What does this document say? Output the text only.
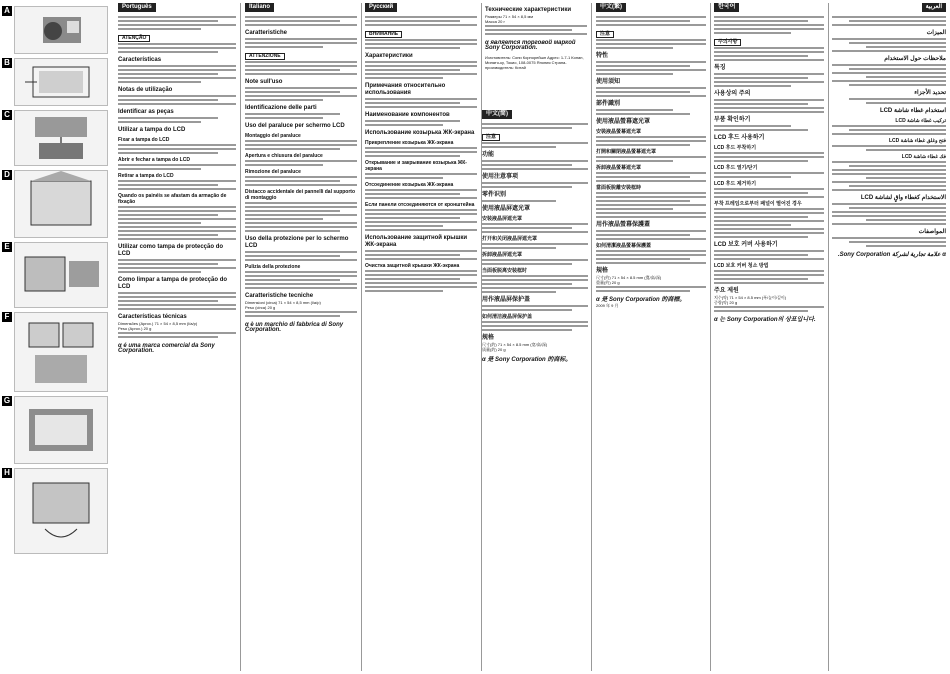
A
B
C
D
E
F
G
H
Português
ATENÇÃO
Características
Notas de utilização
Identificar as peças
Utilizar a tampa do LCD
Fixar a tampa do LCD
Abrir e fechar a tampa do LCD
Retirar a tampa do LCD
Quando os painéis se afastam da armação de fixação
Utilizar como tampa de protecção do LCD
Como limpar a tampa de protecção do LCD
Características técnicas
Dimensões (Aprox.) 71 × 54 × 8,5 mm (l/a/p)
Peso (Aprox.) 20 g
α é uma marca comercial da Sony Corporation.
Italiano
Caratteristiche
ATTENZIONE
Note sull'uso
Identificazione delle parti
Uso del paraluce per schermo LCD
Montaggio del paraluce
Apertura e chiusura del paraluce
Rimozione del paraluce
Distacco accidentale dei pannelli dal supporto di montaggio
Uso della protezione per lo schermo LCD
Pulizia della protezione
Caratteristiche tecniche
Dimensioni (circa) 71 × 54 × 8,5 mm (l/a/p)
Peso (circa) 20 g
α è un marchio di fabbrica di Sony Corporation.
Русский
ВНИМАНИЕ
Характеристики
Примечания относительно использования
Наименование компонентов
Использование козырька ЖК-экрана
Прикрепление козырька ЖК-экрана
Открывание и закрывание козырька ЖК-экрана
Отсоединение козырька ЖК-экрана
Если панели отсоединяются от кронштейна
Использование защитной крышки ЖК-экрана
Очистка защитной крышки ЖК-экрана
Технические характеристики
Размеры 71 × 54 × 8,5 мм
Масса 20 г
α является торговой маркой Sony Corporation.
Изготовитель: Сони Корпорейшн Адрес: 1-7-1 Конан, Минато-ку, Токио, 108-0075 Япония Страна-производитель: Китай
中文(简)
注意
功能
使用注意事项
零件识别
使用液晶屏遮光罩
安装液晶屏遮光罩
打开和关闭液晶屏遮光罩
拆卸液晶屏遮光罩
当面板脱离安装框时
用作液晶屏保护盖
如何清洁液晶屏保护盖
规格
尺寸(约) 71 × 54 × 8.5 mm (宽/高/深)
质量(约) 20 g
α 是 Sony Corporation 的商标。
中文(繁)
注意
特性
使用須知
部件識別
使用液晶螢幕遮光罩
安裝液晶螢幕遮光罩
打開和關閉液晶螢幕遮光罩
拆卸液晶螢幕遮光罩
當面板脫離安裝框時
用作液晶螢幕保護蓋
如何清潔液晶螢幕保護蓋
規格
尺寸(約) 71 × 54 × 8.5 mm (寬/高/深)
重量(約) 20 g
α 是 Sony Corporation 的商標。
2009 年 9 月
한국어
주의사항
특징
사용상의 주의
부품 확인하기
LCD 후드 사용하기
LCD 후드 부착하기
LCD 후드 열기/닫기
LCD 후드 제거하기
부착 프레임으로부터 패널이 떨어진 경우
LCD 보호 커버 사용하기
LCD 보호 커버 청소 방법
주요 제원
치수(약) 71 × 54 × 8.5 mm (폭/높이/깊이)
중량(약) 20 g
α 는 Sony Corporation의 상표입니다.
العربية
الميزات
ملاحظات حول الاستخدام
تحديد الأجزاء
استخدام غطاء شاشة LCD
تركيب غطاء شاشة LCD
فتح وغلق غطاء شاشة LCD
فك غطاء شاشة LCD
الاستخدام كغطاء واقٍ لشاشة LCD
المواصفات
α علامة تجارية لشركة Sony Corporation.
